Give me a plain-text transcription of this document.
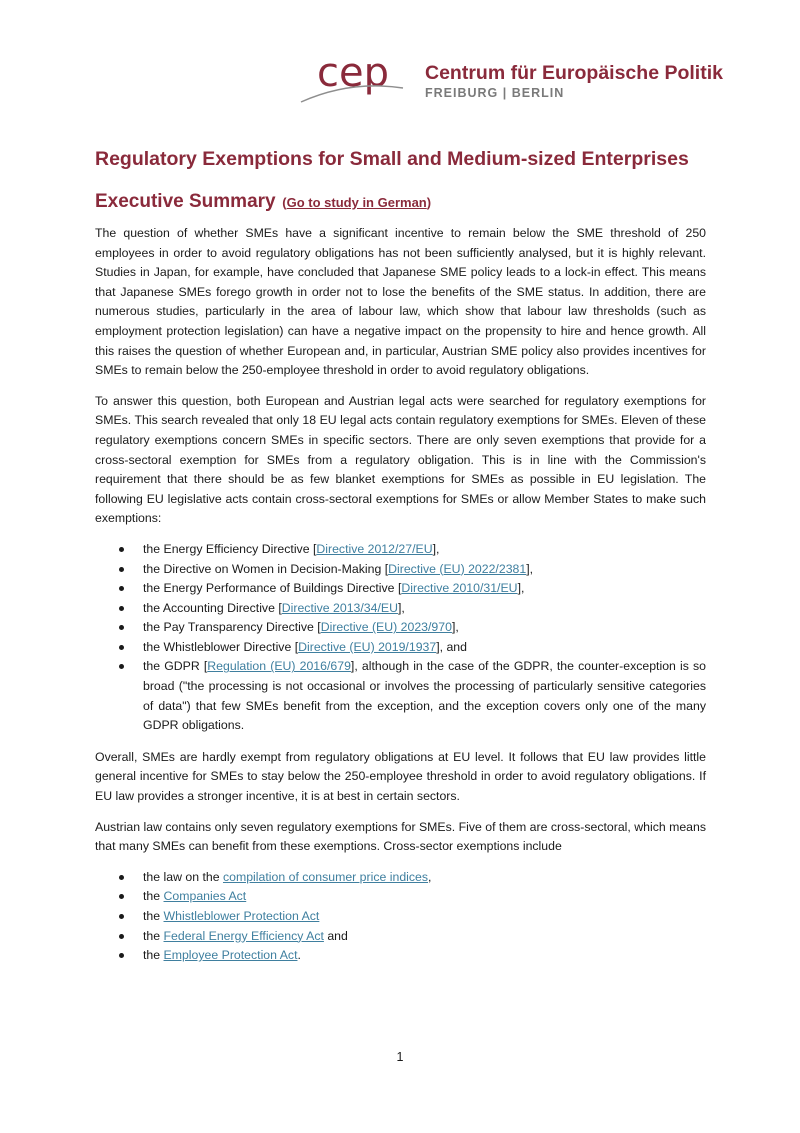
cep Centrum für Europäische Politik
FREIBURG | BERLIN
Regulatory Exemptions for Small and Medium-sized Enterprises
Executive Summary (Go to study in German)

The question of whether SMEs have a significant incentive to remain below the SME threshold of 250 employees in order to avoid regulatory obligations has not been sufficiently analysed, but it is highly relevant. Studies in Japan, for example, have concluded that Japanese SME policy leads to a lock-in effect. This means that Japanese SMEs forego growth in order not to lose the benefits of the SME status. In addition, there are numerous studies, particularly in the area of labour law, which show that labour law thresholds (such as employment protection legislation) can have a negative impact on the propensity to hire and hence growth. All this raises the question of whether European and, in particular, Austrian SME policy also provides incentives for SMEs to remain below the 250-employee threshold in order to avoid regulatory obligations.

To answer this question, both European and Austrian legal acts were searched for regulatory exemptions for SMEs. This search revealed that only 18 EU legal acts contain regulatory exemptions for SMEs. Eleven of these regulatory exemptions concern SMEs in specific sectors. There are only seven exemptions that provide for a cross-sectoral exemption for SMEs from a regulatory obligation. This is in line with the Commission's requirement that there should be as few blanket exemptions for SMEs as possible in EU legislation. The following EU legislative acts contain cross-sectoral exemptions for SMEs or allow Member States to make such exemptions:

the Energy Efficiency Directive [Directive 2012/27/EU],
the Directive on Women in Decision-Making [Directive (EU) 2022/2381],
the Energy Performance of Buildings Directive [Directive 2010/31/EU],
the Accounting Directive [Directive 2013/34/EU],
the Pay Transparency Directive [Directive (EU) 2023/970],
the Whistleblower Directive [Directive (EU) 2019/1937], and
the GDPR [Regulation (EU) 2016/679], although in the case of the GDPR, the counter-exception is so broad ("the processing is not occasional or involves the processing of particularly sensitive categories of data") that few SMEs benefit from the exception, and the exception covers only one of the many GDPR obligations.

Overall, SMEs are hardly exempt from regulatory obligations at EU level. It follows that EU law provides little general incentive for SMEs to stay below the 250-employee threshold in order to avoid regulatory obligations. If EU law provides a stronger incentive, it is at best in certain sectors.

Austrian law contains only seven regulatory exemptions for SMEs. Five of them are cross-sectoral, which means that many SMEs can benefit from these exemptions. Cross-sector exemptions include

the law on the compilation of consumer price indices,
the Companies Act
the Whistleblower Protection Act
the Federal Energy Efficiency Act and
the Employee Protection Act.
1
